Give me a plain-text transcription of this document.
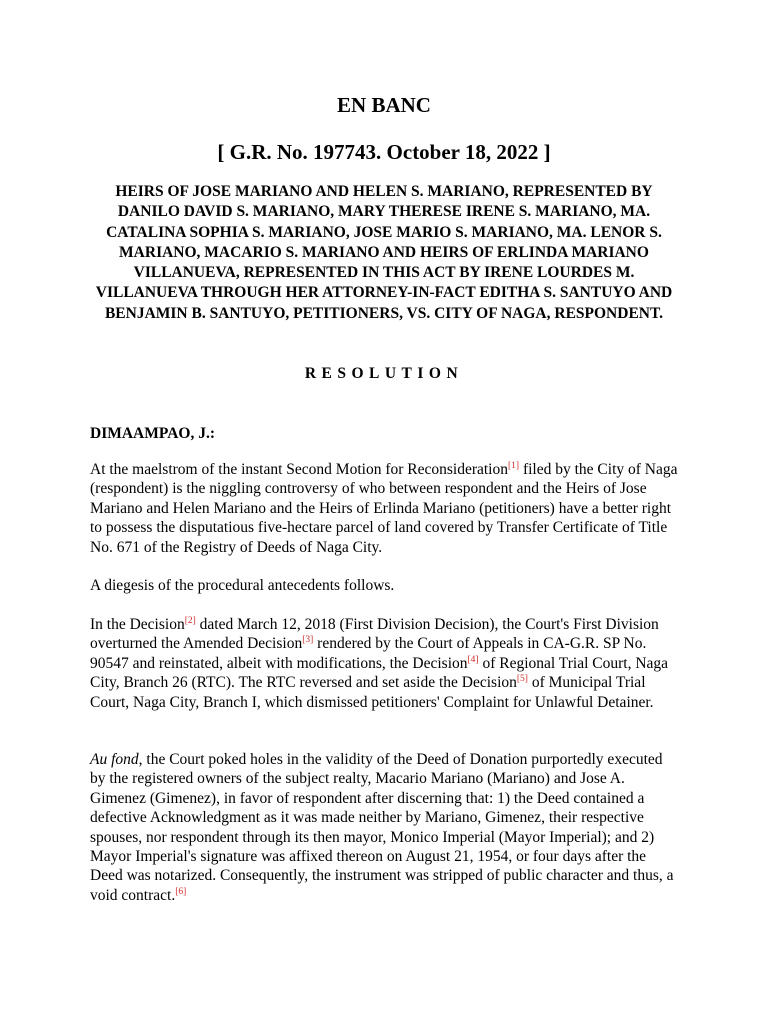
EN BANC
[ G.R. No. 197743. October 18, 2022 ]
HEIRS OF JOSE MARIANO AND HELEN S. MARIANO, REPRESENTED BY DANILO DAVID S. MARIANO, MARY THERESE IRENE S. MARIANO, MA. CATALINA SOPHIA S. MARIANO, JOSE MARIO S. MARIANO, MA. LENOR S. MARIANO, MACARIO S. MARIANO AND HEIRS OF ERLINDA MARIANO VILLANUEVA, REPRESENTED IN THIS ACT BY IRENE LOURDES M. VILLANUEVA THROUGH HER ATTORNEY-IN-FACT EDITHA S. SANTUYO AND BENJAMIN B. SANTUYO, PETITIONERS, VS. CITY OF NAGA, RESPONDENT.
RESOLUTION
DIMAAMPAO, J.:
At the maelstrom of the instant Second Motion for Reconsideration[1] filed by the City of Naga (respondent) is the niggling controversy of who between respondent and the Heirs of Jose Mariano and Helen Mariano and the Heirs of Erlinda Mariano (petitioners) have a better right to possess the disputatious five-hectare parcel of land covered by Transfer Certificate of Title No. 671 of the Registry of Deeds of Naga City.
A diegesis of the procedural antecedents follows.
In the Decision[2] dated March 12, 2018 (First Division Decision), the Court's First Division overturned the Amended Decision[3] rendered by the Court of Appeals in CA-G.R. SP No. 90547 and reinstated, albeit with modifications, the Decision[4] of Regional Trial Court, Naga City, Branch 26 (RTC). The RTC reversed and set aside the Decision[5] of Municipal Trial Court, Naga City, Branch I, which dismissed petitioners' Complaint for Unlawful Detainer.
Au fond, the Court poked holes in the validity of the Deed of Donation purportedly executed by the registered owners of the subject realty, Macario Mariano (Mariano) and Jose A. Gimenez (Gimenez), in favor of respondent after discerning that: 1) the Deed contained a defective Acknowledgment as it was made neither by Mariano, Gimenez, their respective spouses, nor respondent through its then mayor, Monico Imperial (Mayor Imperial); and 2) Mayor Imperial's signature was affixed thereon on August 21, 1954, or four days after the Deed was notarized. Consequently, the instrument was stripped of public character and thus, a void contract.[6]
